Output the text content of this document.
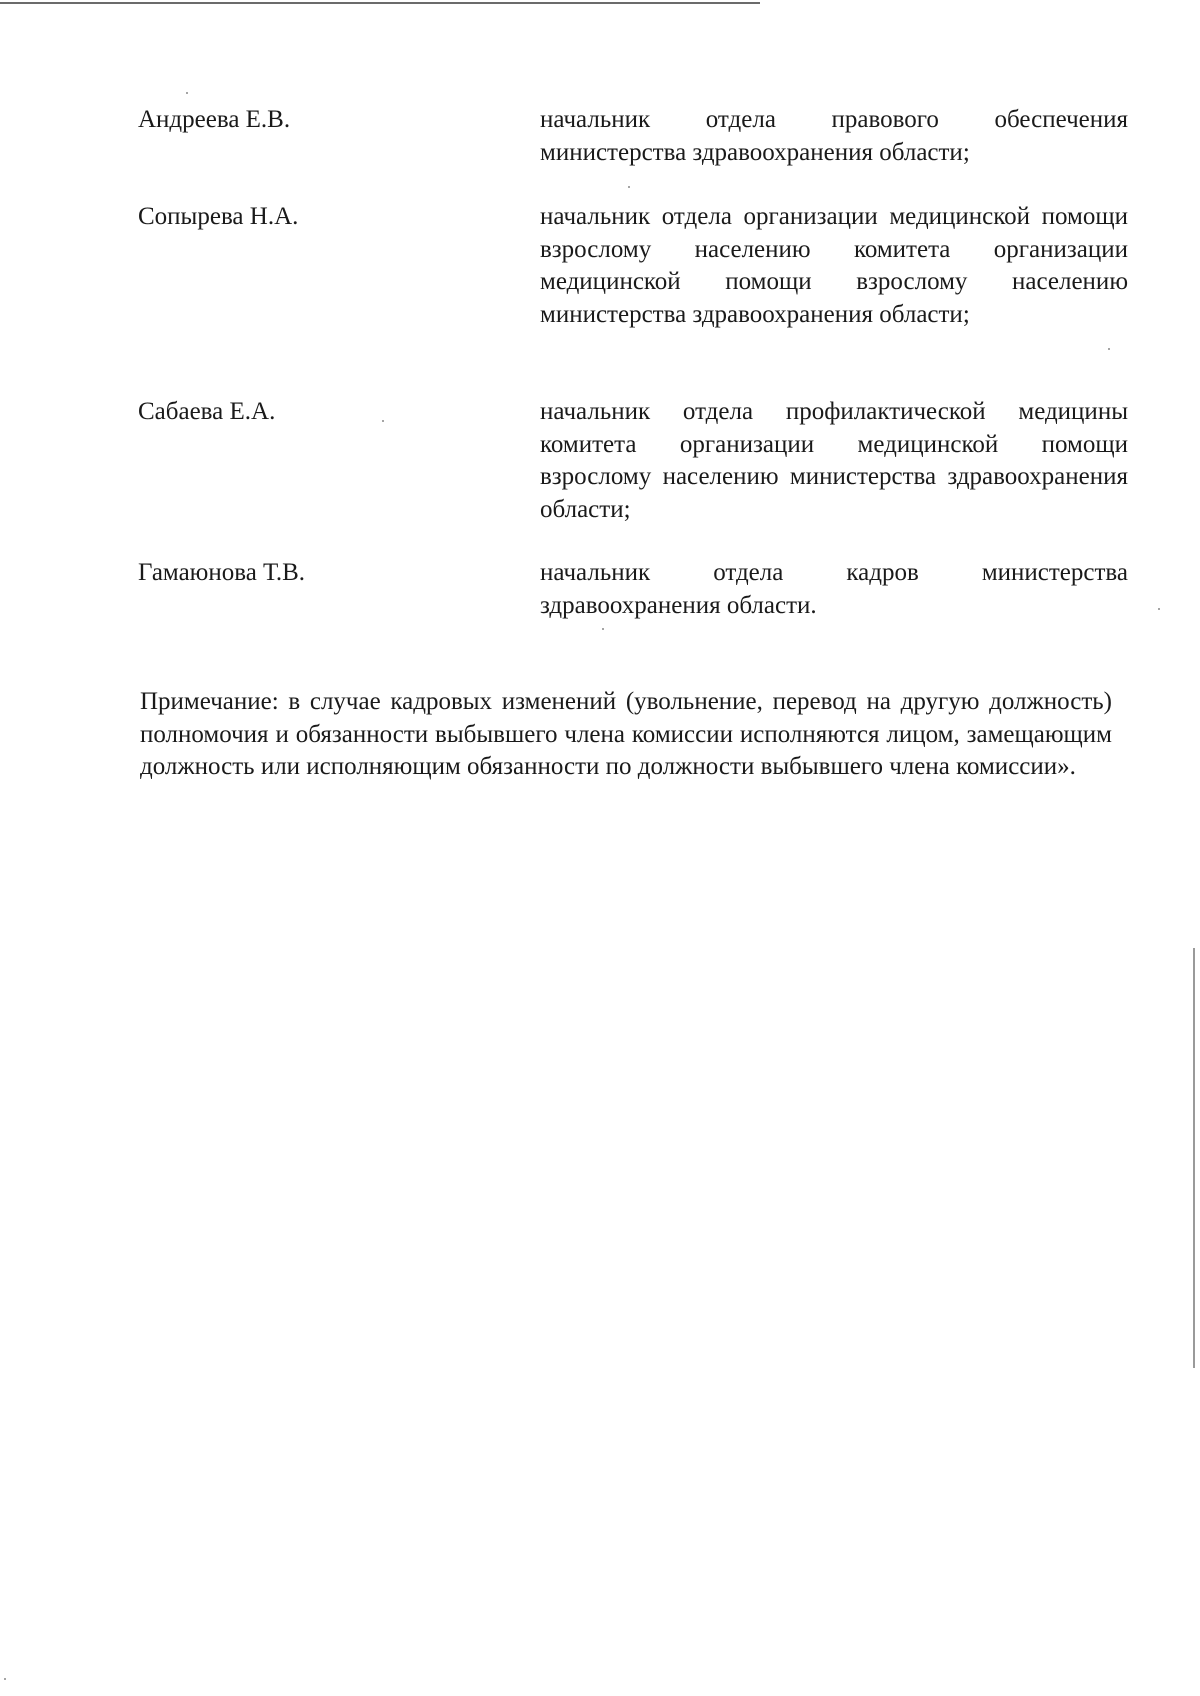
Андреева Е.В.	начальник отдела правового обеспечения министерства здравоохранения области;
Сопырева Н.А.	начальник отдела организации медицинской помощи взрослому населению комитета организации медицинской помощи взрослому населению министерства здравоохранения области;
Сабаева Е.А.	начальник отдела профилактической медицины комитета организации медицинской помощи взрослому населению министерства здравоохранения области;
Гамаюнова Т.В.	начальник отдела кадров министерства здравоохранения области.
Примечание: в случае кадровых изменений (увольнение, перевод на другую должность) полномочия и обязанности выбывшего члена комиссии исполняются лицом, замещающим должность или исполняющим обязанности по должности выбывшего члена комиссии».
